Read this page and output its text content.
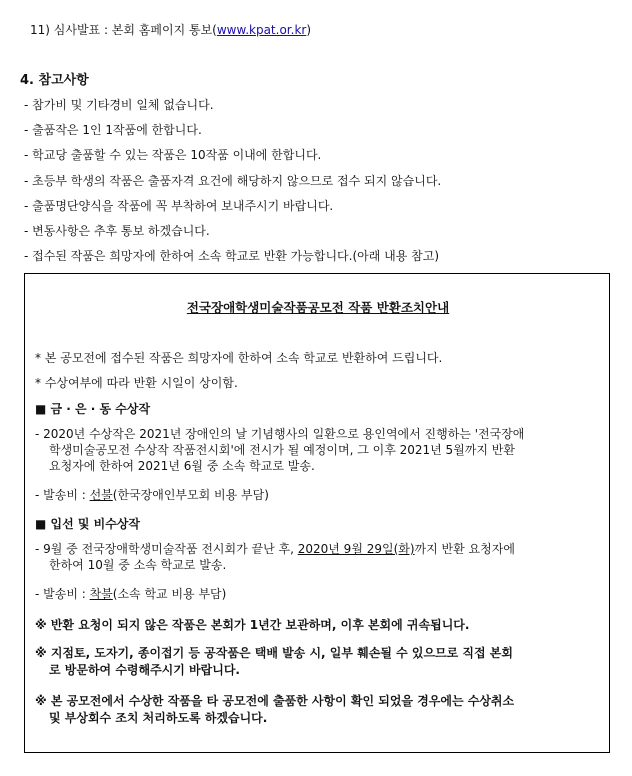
11) 심사발표 : 본회 홈페이지 통보(www.kpat.or.kr)
4. 참고사항
- 참가비 및 기타경비 일체 없습니다.
- 출품작은 1인 1작품에 한합니다.
- 학교당 출품할 수 있는 작품은 10작품 이내에 한합니다.
- 초등부 학생의 작품은 출품자격 요건에 해당하지 않으므로 접수 되지 않습니다.
- 출품명단양식을 작품에 꼭 부착하여 보내주시기 바랍니다.
- 변동사항은 추후 통보 하겠습니다.
- 접수된 작품은 희망자에 한하여 소속 학교로 반환 가능합니다.(아래 내용 참고)
전국장애학생미술작품공모전 작품 반환조치안내
* 본 공모전에 접수된 작품은 희망자에 한하여 소속 학교로 반환하여 드립니다.
* 수상여부에 따라 반환 시일이 상이함.
■ 금 · 은 · 동 수상작
- 2020년 수상작은 2021년 장애인의 날 기념행사의 일환으로 용인역에서 진행하는 '전국장애
학생미술공모전 수상작 작품전시회'에 전시가 될 예정이며, 그 이후 2021년 5월까지 반환
요청자에 한하여 2021년 6월 중 소속 학교로 발송.
- 발송비 : 선불(한국장애인부모회 비용 부담)
■ 입선 및 비수상작
- 9월 중 전국장애학생미술작품 전시회가 끝난 후, 2020년 9월 29일(화)까지 반환 요청자에
한하여 10월 중 소속 학교로 발송.
- 발송비 : 착불(소속 학교 비용 부담)
※ 반환 요청이 되지 않은 작품은 본회가 1년간 보관하며, 이후 본회에 귀속됩니다.
※ 지점토, 도자기, 종이접기 등 공작품은 택배 발송 시, 일부 훼손될 수 있으므로 직접 본회
로 방문하여 수령해주시기 바랍니다.
※ 본 공모전에서 수상한 작품을 타 공모전에 출품한 사항이 확인 되었을 경우에는 수상취소
및 부상회수 조치 처리하도록 하겠습니다.
